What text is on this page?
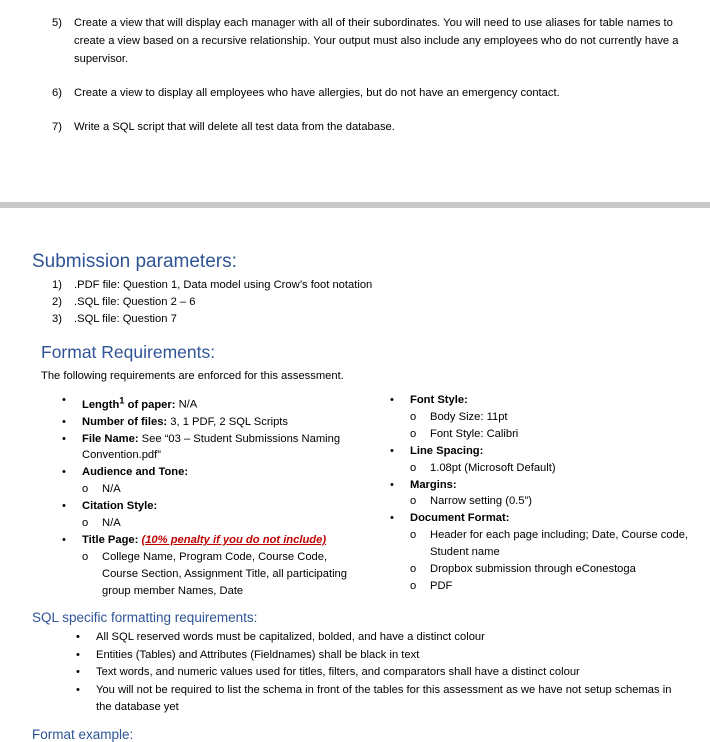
5) Create a view that will display each manager with all of their subordinates. You will need to use aliases for table names to create a view based on a recursive relationship. Your output must also include any employees who do not currently have a supervisor.
6) Create a view to display all employees who have allergies, but do not have an emergency contact.
7) Write a SQL script that will delete all test data from the database.
Submission parameters:
1) .PDF file: Question 1, Data model using Crow’s foot notation
2) .SQL file: Question 2 – 6
3) .SQL file: Question 7
Format Requirements:
The following requirements are enforced for this assessment.
• Length$^1$ of paper: N/A
• Number of files: 3, 1 PDF, 2 SQL Scripts
• File Name: See “03 – Student Submissions Naming Convention.pdf”
• Audience and Tone:
o N/A
• Citation Style:
o N/A
• Title Page: (10% penalty if you do not include)
o College Name, Program Code, Course Code, Course Section, Assignment Title, all participating group member Names, Date
• Font Style:
o Body Size: 11pt
o Font Style: Calibri
• Line Spacing:
o 1.08pt (Microsoft Default)
• Margins:
o Narrow setting (0.5”)
• Document Format:
o Header for each page including; Date, Course code, Student name
o Dropbox submission through eConestoga
o PDF
SQL specific formatting requirements:
• All SQL reserved words must be capitalized, bolded, and have a distinct colour
• Entities (Tables) and Attributes (Fieldnames) shall be black in text
• Text words, and numeric values used for titles, filters, and comparators shall have a distinct colour
• You will not be required to list the schema in front of the tables for this assessment as we have not setup schemas in the database yet
Format example:
